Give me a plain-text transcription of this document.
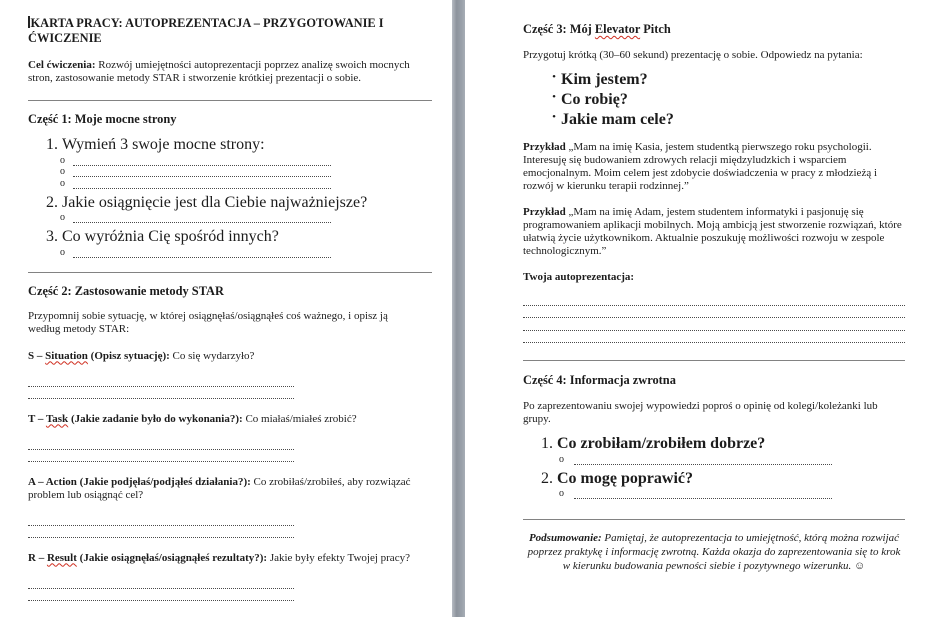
KARTA PRACY: AUTOPREZENTACJA – PRZYGOTOWANIE I ĆWICZENIE

Cel ćwiczenia: Rozwój umiejętności autoprezentacji poprzez analizę swoich mocnych stron, zastosowanie metody STAR i stworzenie krótkiej prezentacji o sobie.

Część 1: Moje mocne strony

1. Wymień 3 swoje mocne strony:
o
o
o
2. Jakie osiągnięcie jest dla Ciebie najważniejsze?
o
3. Co wyróżnia Cię spośród innych?
o

Część 2: Zastosowanie metody STAR

Przypomnij sobie sytuację, w której osiągnęłaś/osiągnąłeś coś ważnego, i opisz ją według metody STAR:

S – Situation (Opisz sytuację): Co się wydarzyło?

T – Task (Jakie zadanie było do wykonania?): Co miałaś/miałeś zrobić?

A – Action (Jakie podjęłaś/podjąłeś działania?): Co zrobiłaś/zrobiłeś, aby rozwiązać problem lub osiągnąć cel?

R – Result (Jakie osiągnęłaś/osiągnąłeś rezultaty?): Jakie były efekty Twojej pracy?

Część 3: Mój Elevator Pitch

Przygotuj krótką (30–60 sekund) prezentację o sobie. Odpowiedz na pytania:

• Kim jestem?
• Co robię?
• Jakie mam cele?

Przykład „Mam na imię Kasia, jestem studentką pierwszego roku psychologii. Interesuję się budowaniem zdrowych relacji międzyludzkich i wsparciem emocjonalnym. Moim celem jest zdobycie doświadczenia w pracy z młodzieżą i rozwój w kierunku terapii rodzinnej.”

Przykład „Mam na imię Adam, jestem studentem informatyki i pasjonuję się programowaniem aplikacji mobilnych. Moją ambicją jest stworzenie rozwiązań, które ułatwią życie użytkownikom. Aktualnie poszukuję możliwości rozwoju w zespole technologicznym.”

Twoja autoprezentacja:

Część 4: Informacja zwrotna

Po zaprezentowaniu swojej wypowiedzi poproś o opinię od kolegi/koleżanki lub grupy.

1. Co zrobiłam/zrobiłem dobrze?
o
2. Co mogę poprawić?
o

Podsumowanie: Pamiętaj, że autoprezentacja to umiejętność, którą można rozwijać poprzez praktykę i informację zwrotną. Każda okazja do zaprezentowania się to krok w kierunku budowania pewności siebie i pozytywnego wizerunku. ☺
